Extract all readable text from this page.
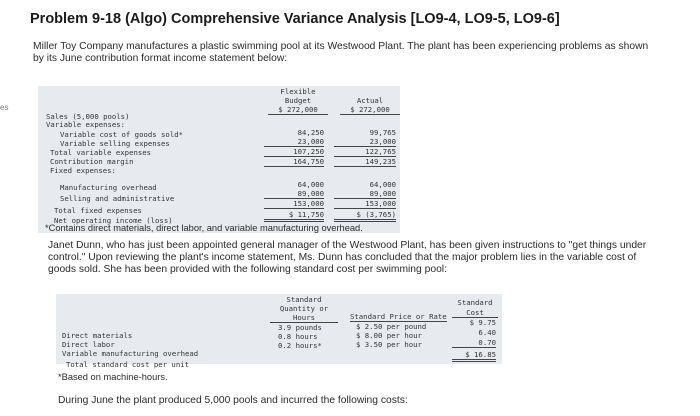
es
Problem 9-18 (Algo) Comprehensive Variance Analysis [LO9-4, LO9-5, LO9-6]
Miller Toy Company manufactures a plastic swimming pool at its Westwood Plant. The plant has been experiencing problems as shown
by its June contribution format income statement below:
Flexible
Budget
$ 272,000
Actual
$ 272,000
Sales (5,000 pools)
Variable expenses:
Variable cost of goods sold*
Variable selling expenses
Total variable expenses
Contribution margin
Fixed expenses:
Manufacturing overhead
Selling and administrative
Total fixed expenses
Net operating income (loss)
84,250
23,000
107,250
164,750
64,000
89,000
153,000
$ 11,750
99,765
23,000
122,765
149,235
64,000
89,000
153,000
$ (3,765)
*Contains direct materials, direct labor, and variable manufacturing overhead.
Janet Dunn, who has just been appointed general manager of the Westwood Plant, has been given instructions to "get things under
control." Upon reviewing the plant's income statement, Ms. Dunn has concluded that the major problem lies in the variable cost of
goods sold. She has been provided with the following standard cost per swimming pool:
Standard
Quantity or
Hours	Standard Price or Rate
Standard
Cost
Direct materials
Direct labor
Variable manufacturing overhead
Total standard cost per unit
3.9 pounds
0.8 hours
0.2 hours*
$ 2.50 per pound
$ 8.00 per hour
$ 3.50 per hour
$ 9.75
6.40
0.70
$ 16.85
*Based on machine-hours.
During June the plant produced 5,000 pools and incurred the following costs:
